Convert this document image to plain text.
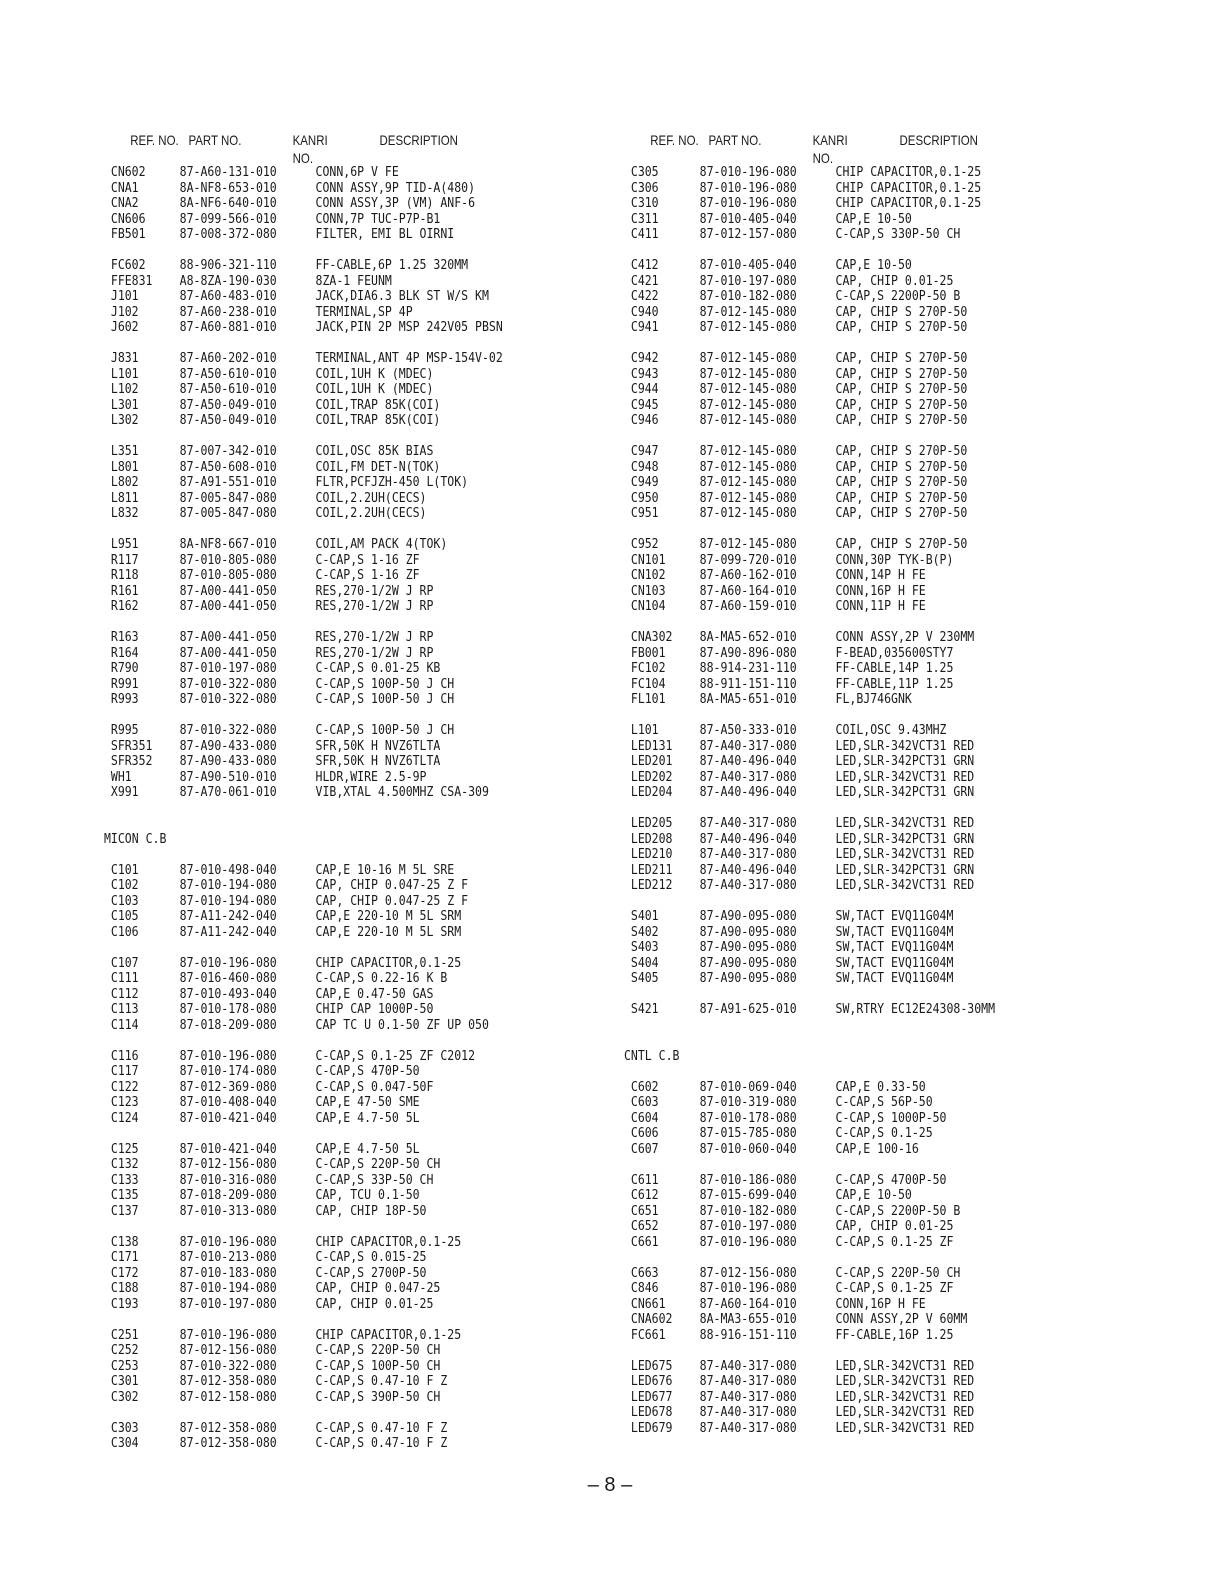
REF. NO. PART NO.	KANRI
NO.
DESCRIPTION
CN602	87-A60-131-010	CONN,6P V FE
CNA1	8A-NF8-653-010	CONN ASSY,9P TID-A(480)
CNA2	8A-NF6-640-010	CONN ASSY,3P (VM) ANF-6
CN606	87-099-566-010	CONN,7P TUC-P7P-B1
FB501	87-008-372-080	FILTER, EMI BL OIRNI
FC602	88-906-321-110	FF-CABLE,6P 1.25 320MM
FFE831 A8-8ZA-190-030	8ZA-1 FEUNM
J101	87-A60-483-010	JACK,DIA6.3 BLK ST W/S KM
J102	87-A60-238-010	TERMINAL,SP 4P
J602	87-A60-881-010	JACK,PIN 2P MSP 242V05 PBSN
J831	87-A60-202-010	TERMINAL,ANT 4P MSP-154V-02
L101	87-A50-610-010	COIL,1UH K (MDEC)
L102	87-A50-610-010	COIL,1UH K (MDEC)
L301	87-A50-049-010	COIL,TRAP 85K(COI)
L302	87-A50-049-010	COIL,TRAP 85K(COI)
L351	87-007-342-010	COIL,OSC 85K BIAS
L801	87-A50-608-010	COIL,FM DET-N(TOK)
L802	87-A91-551-010	FLTR,PCFJZH-450 L(TOK)
L811	87-005-847-080	COIL,2.2UH(CECS)
L832	87-005-847-080	COIL,2.2UH(CECS)
L951	8A-NF8-667-010	COIL,AM PACK 4(TOK)
R117	87-010-805-080	C-CAP,S 1-16 ZF
R118	87-010-805-080	C-CAP,S 1-16 ZF
R161	87-A00-441-050	RES,270-1/2W J RP
R162	87-A00-441-050	RES,270-1/2W J RP
R163	87-A00-441-050	RES,270-1/2W J RP
R164	87-A00-441-050	RES,270-1/2W J RP
R790	87-010-197-080	C-CAP,S 0.01-25 KB
R991	87-010-322-080	C-CAP,S 100P-50 J CH
R993	87-010-322-080	C-CAP,S 100P-50 J CH
R995	87-010-322-080	C-CAP,S 100P-50 J CH
SFR351 87-A90-433-080	SFR,50K H NVZ6TLTA
SFR352 87-A90-433-080	SFR,50K H NVZ6TLTA
WH1	87-A90-510-010	HLDR,WIRE 2.5-9P
X991	87-A70-061-010	VIB,XTAL 4.500MHZ CSA-309
MICON C.B
C101	87-010-498-040	CAP,E 10-16 M 5L SRE
C102	87-010-194-080	CAP, CHIP 0.047-25 Z F
C103	87-010-194-080	CAP, CHIP 0.047-25 Z F
C105	87-A11-242-040	CAP,E 220-10 M 5L SRM
C106	87-A11-242-040	CAP,E 220-10 M 5L SRM
C107	87-010-196-080	CHIP CAPACITOR,0.1-25
C111	87-016-460-080	C-CAP,S 0.22-16 K B
C112	87-010-493-040	CAP,E 0.47-50 GAS
C113	87-010-178-080	CHIP CAP 1000P-50
C114	87-018-209-080	CAP TC U 0.1-50 ZF UP 050
C116	87-010-196-080	C-CAP,S 0.1-25 ZF C2012
C117	87-010-174-080	C-CAP,S 470P-50
C122	87-012-369-080	C-CAP,S 0.047-50F
C123	87-010-408-040	CAP,E 47-50 SME
C124	87-010-421-040	CAP,E 4.7-50 5L
C125	87-010-421-040	CAP,E 4.7-50 5L
C132	87-012-156-080	C-CAP,S 220P-50 CH
C133	87-010-316-080	C-CAP,S 33P-50 CH
C135	87-018-209-080	CAP, TCU 0.1-50
C137	87-010-313-080	CAP, CHIP 18P-50
C138	87-010-196-080	CHIP CAPACITOR,0.1-25
C171	87-010-213-080	C-CAP,S 0.015-25
C172	87-010-183-080	C-CAP,S 2700P-50
C188	87-010-194-080	CAP, CHIP 0.047-25
C193	87-010-197-080	CAP, CHIP 0.01-25
C251	87-010-196-080	CHIP CAPACITOR,0.1-25
C252	87-012-156-080	C-CAP,S 220P-50 CH
C253	87-010-322-080	C-CAP,S 100P-50 CH
C301	87-012-358-080	C-CAP,S 0.47-10 F Z
C302	87-012-158-080	C-CAP,S 390P-50 CH
C303	87-012-358-080	C-CAP,S 0.47-10 F Z
C304	87-012-358-080	C-CAP,S 0.47-10 F Z
REF. NO. PART NO.	KANRI
NO.
DESCRIPTION
C305	87-010-196-080	CHIP CAPACITOR,0.1-25
C306	87-010-196-080	CHIP CAPACITOR,0.1-25
C310	87-010-196-080	CHIP CAPACITOR,0.1-25
C311	87-010-405-040	CAP,E 10-50
C411	87-012-157-080	C-CAP,S 330P-50 CH
C412	87-010-405-040	CAP,E 10-50
C421	87-010-197-080	CAP, CHIP 0.01-25
C422	87-010-182-080	C-CAP,S 2200P-50 B
C940	87-012-145-080	CAP, CHIP S 270P-50
C941	87-012-145-080	CAP, CHIP S 270P-50
C942	87-012-145-080	CAP, CHIP S 270P-50
C943	87-012-145-080	CAP, CHIP S 270P-50
C944	87-012-145-080	CAP, CHIP S 270P-50
C945	87-012-145-080	CAP, CHIP S 270P-50
C946	87-012-145-080	CAP, CHIP S 270P-50
C947	87-012-145-080	CAP, CHIP S 270P-50
C948	87-012-145-080	CAP, CHIP S 270P-50
C949	87-012-145-080	CAP, CHIP S 270P-50
C950	87-012-145-080	CAP, CHIP S 270P-50
C951	87-012-145-080	CAP, CHIP S 270P-50
C952	87-012-145-080	CAP, CHIP S 270P-50
CN101	87-099-720-010	CONN,30P TYK-B(P)
CN102	87-A60-162-010	CONN,14P H FE
CN103	87-A60-164-010	CONN,16P H FE
CN104	87-A60-159-010	CONN,11P H FE
CNA302 8A-MA5-652-010	CONN ASSY,2P V 230MM
FB001	87-A90-896-080	F-BEAD,035600STY7
FC102	88-914-231-110	FF-CABLE,14P 1.25
FC104	88-911-151-110	FF-CABLE,11P 1.25
FL101	8A-MA5-651-010	FL,BJ746GNK
L101	87-A50-333-010	COIL,OSC 9.43MHZ
LED131 87-A40-317-080	LED,SLR-342VCT31 RED
LED201 87-A40-496-040	LED,SLR-342PCT31 GRN
LED202 87-A40-317-080	LED,SLR-342VCT31 RED
LED204 87-A40-496-040	LED,SLR-342PCT31 GRN
LED205 87-A40-317-080	LED,SLR-342VCT31 RED
LED208 87-A40-496-040	LED,SLR-342PCT31 GRN
LED210 87-A40-317-080	LED,SLR-342VCT31 RED
LED211 87-A40-496-040	LED,SLR-342PCT31 GRN
LED212 87-A40-317-080	LED,SLR-342VCT31 RED
S401	87-A90-095-080	SW,TACT EVQ11G04M
S402	87-A90-095-080	SW,TACT EVQ11G04M
S403	87-A90-095-080	SW,TACT EVQ11G04M
S404	87-A90-095-080	SW,TACT EVQ11G04M
S405	87-A90-095-080	SW,TACT EVQ11G04M
S421	87-A91-625-010	SW,RTRY EC12E24308-30MM
CNTL C.B
C602	87-010-069-040	CAP,E 0.33-50
C603	87-010-319-080	C-CAP,S 56P-50
C604	87-010-178-080	C-CAP,S 1000P-50
C606	87-015-785-080	C-CAP,S 0.1-25
C607	87-010-060-040	CAP,E 100-16
C611	87-010-186-080	C-CAP,S 4700P-50
C612	87-015-699-040	CAP,E 10-50
C651	87-010-182-080	C-CAP,S 2200P-50 B
C652	87-010-197-080	CAP, CHIP 0.01-25
C661	87-010-196-080	C-CAP,S 0.1-25 ZF
C663	87-012-156-080	C-CAP,S 220P-50 CH
C846	87-010-196-080	C-CAP,S 0.1-25 ZF
CN661	87-A60-164-010	CONN,16P H FE
CNA602 8A-MA3-655-010	CONN ASSY,2P V 60MM
FC661	88-916-151-110	FF-CABLE,16P 1.25
LED675 87-A40-317-080	LED,SLR-342VCT31 RED
LED676 87-A40-317-080	LED,SLR-342VCT31 RED
LED677 87-A40-317-080	LED,SLR-342VCT31 RED
LED678 87-A40-317-080	LED,SLR-342VCT31 RED
LED679 87-A40-317-080	LED,SLR-342VCT31 RED
– 8 –
